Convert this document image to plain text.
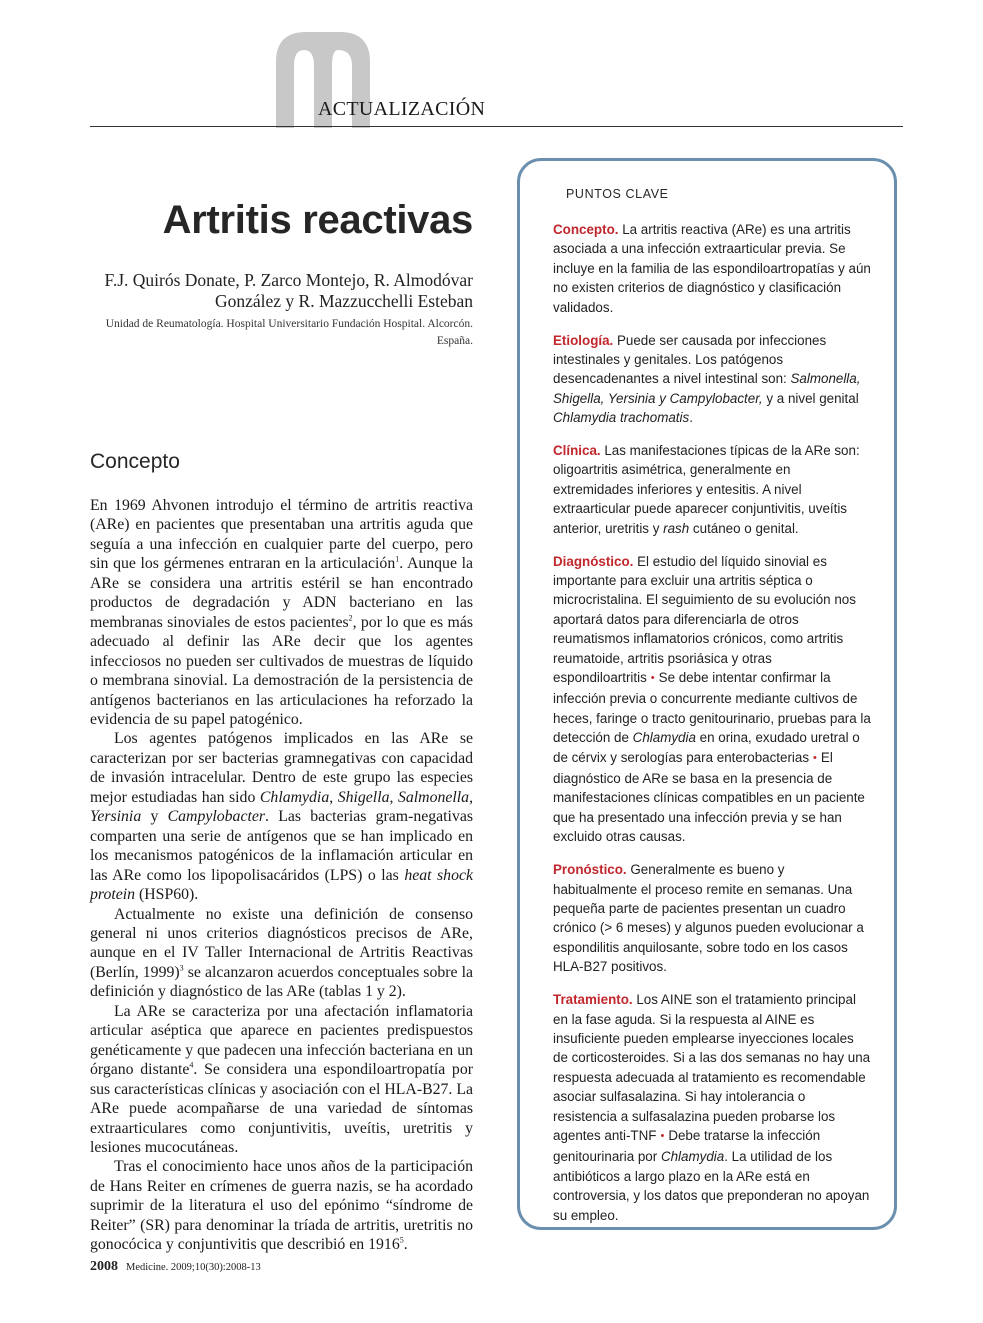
ACTUALIZACIÓN
Artritis reactivas
F.J. Quirós Donate, P. Zarco Montejo, R. Almodóvar González y R. Mazzucchelli Esteban
Unidad de Reumatología. Hospital Universitario Fundación Hospital. Alcorcón. España.
Concepto

En 1969 Ahvonen introdujo el término de artritis reactiva (ARe) en pacientes que presentaban una artritis aguda que seguía a una infección en cualquier parte del cuerpo, pero sin que los gérmenes entraran en la articulación$^1$. Aunque la ARe se considera una artritis estéril se han encontrado productos de degradación y ADN bacteriano en las membranas sinoviales de estos pacientes$^2$, por lo que es más adecuado al definir las ARe decir que los agentes infecciosos no pueden ser cultivados de muestras de líquido o membrana sinovial. La demostración de la persistencia de antígenos bacterianos en las articulaciones ha reforzado la evidencia de su papel patogénico.

Los agentes patógenos implicados en las ARe se caracterizan por ser bacterias gramnegativas con capacidad de invasión intracelular. Dentro de este grupo las especies mejor estudiadas han sido Chlamydia, Shigella, Salmonella, Yersinia y Campylobacter. Las bacterias gram-negativas comparten una serie de antígenos que se han implicado en los mecanismos patogénicos de la inflamación articular en las ARe como los lipopolisacáridos (LPS) o las heat shock protein (HSP60).

Actualmente no existe una definición de consenso general ni unos criterios diagnósticos precisos de ARe, aunque en el IV Taller Internacional de Artritis Reactivas (Berlín, 1999)$^3$ se alcanzaron acuerdos conceptuales sobre la definición y diagnóstico de las ARe (tablas 1 y 2).

La ARe se caracteriza por una afectación inflamatoria articular aséptica que aparece en pacientes predispuestos genéticamente y que padecen una infección bacteriana en un órgano distante$^4$. Se considera una espondiloartropatía por sus características clínicas y asociación con el HLA-B27. La ARe puede acompañarse de una variedad de síntomas extraarticulares como conjuntivitis, uveítis, uretritis y lesiones mucocutáneas.

Tras el conocimiento hace unos años de la participación de Hans Reiter en crímenes de guerra nazis, se ha acordado suprimir de la literatura el uso del epónimo “síndrome de Reiter” (SR) para denominar la tríada de artritis, uretritis no gonocócica y conjuntivitis que describió en 1916$^5$.

2008 Medicine. 2009;10(30):2008-13
PUNTOS CLAVE

Concepto. La artritis reactiva (ARe) es una artritis asociada a una infección extraarticular previa. Se incluye en la familia de las espondiloartropatías y aún no existen criterios de diagnóstico y clasificación validados.

Etiología. Puede ser causada por infecciones intestinales y genitales. Los patógenos desencadenantes a nivel intestinal son: Salmonella, Shigella, Yersinia y Campylobacter, y a nivel genital Chlamydia trachomatis.

Clínica. Las manifestaciones típicas de la ARe son: oligoartritis asimétrica, generalmente en extremidades inferiores y entesitis. A nivel extraarticular puede aparecer conjuntivitis, uveítis anterior, uretritis y rash cutáneo o genital.

Diagnóstico. El estudio del líquido sinovial es importante para excluir una artritis séptica o microcristalina. El seguimiento de su evolución nos aportará datos para diferenciarla de otros reumatismos inflamatorios crónicos, como artritis reumatoide, artritis psoriásica y otras espondiloartritis • Se debe intentar confirmar la infección previa o concurrente mediante cultivos de heces, faringe o tracto genitourinario, pruebas para la detección de Chlamydia en orina, exudado uretral o de cérvix y serologías para enterobacterias • El diagnóstico de ARe se basa en la presencia de manifestaciones clínicas compatibles en un paciente que ha presentado una infección previa y se han excluido otras causas.

Pronóstico. Generalmente es bueno y habitualmente el proceso remite en semanas. Una pequeña parte de pacientes presentan un cuadro crónico (> 6 meses) y algunos pueden evolucionar a espondilitis anquilosante, sobre todo en los casos HLA-B27 positivos.

Tratamiento. Los AINE son el tratamiento principal en la fase aguda. Si la respuesta al AINE es insuficiente pueden emplearse inyecciones locales de corticosteroides. Si a las dos semanas no hay una respuesta adecuada al tratamiento es recomendable asociar sulfasalazina. Si hay intolerancia o resistencia a sulfasalazina pueden probarse los agentes anti-TNF • Debe tratarse la infección genitourinaria por Chlamydia. La utilidad de los antibióticos a largo plazo en la ARe está en controversia, y los datos que preponderan no apoyan su empleo.
